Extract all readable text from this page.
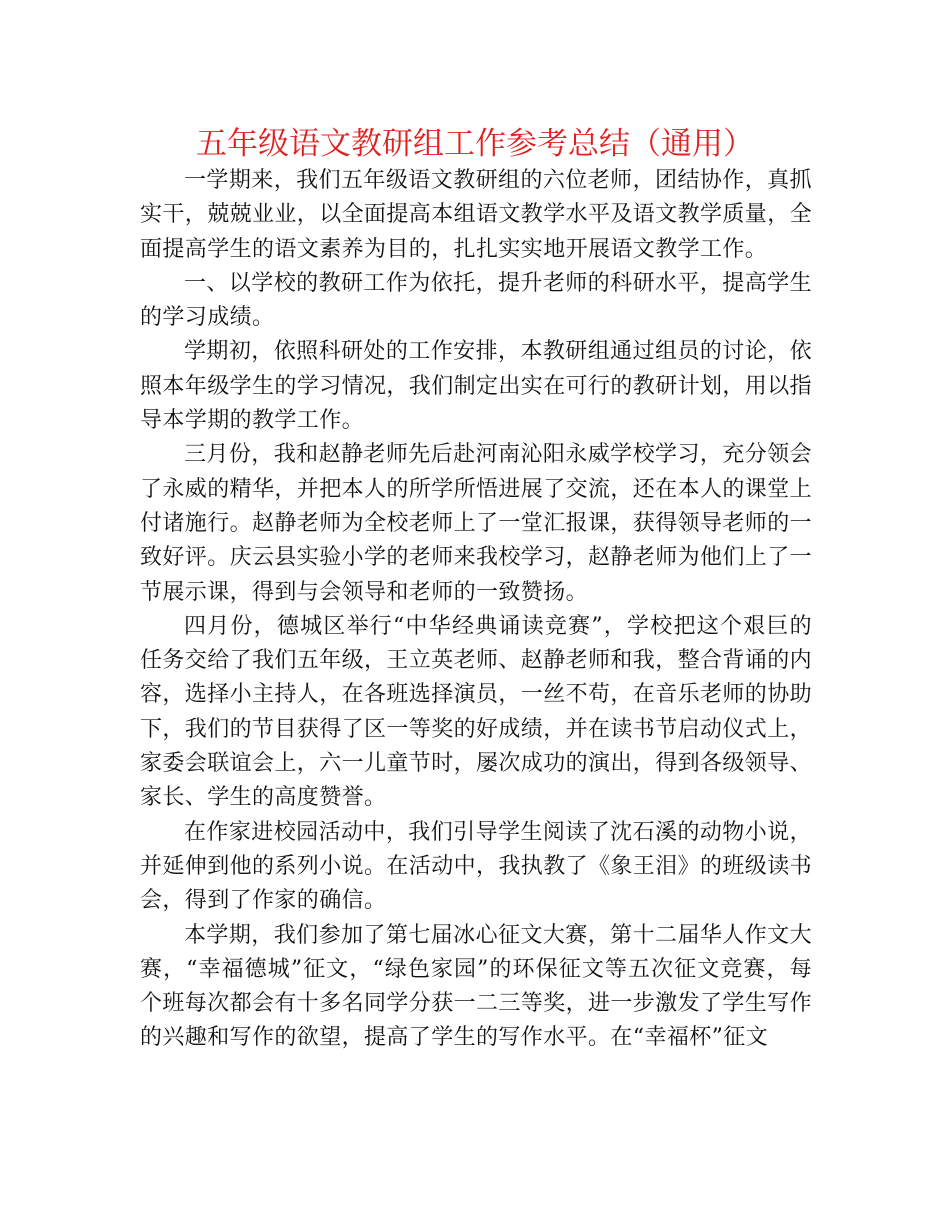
五年级语文教研组工作参考总结（通用）

一学期来，我们五年级语文教研组的六位老师，团结协作，真抓实干，兢兢业业，以全面提高本组语文教学水平及语文教学质量，全面提高学生的语文素养为目的，扎扎实实地开展语文教学工作。

一、以学校的教研工作为依托，提升老师的科研水平，提高学生的学习成绩。

学期初，依照科研处的工作安排，本教研组通过组员的讨论，依照本年级学生的学习情况，我们制定出实在可行的教研计划，用以指导本学期的教学工作。

三月份，我和赵静老师先后赴河南沁阳永威学校学习，充分领会了永威的精华，并把本人的所学所悟进展了交流，还在本人的课堂上付诸施行。赵静老师为全校老师上了一堂汇报课，获得领导老师的一致好评。庆云县实验小学的老师来我校学习，赵静老师为他们上了一节展示课，得到与会领导和老师的一致赞扬。

四月份，德城区举行“中华经典诵读竞赛”，学校把这个艰巨的任务交给了我们五年级，王立英老师、赵静老师和我，整合背诵的内容，选择小主持人，在各班选择演员，一丝不苟，在音乐老师的协助下，我们的节目获得了区一等奖的好成绩，并在读书节启动仪式上，家委会联谊会上，六一儿童节时，屡次成功的演出，得到各级领导、家长、学生的高度赞誉。

在作家进校园活动中，我们引导学生阅读了沈石溪的动物小说，并延伸到他的系列小说。在活动中，我执教了《象王泪》的班级读书会，得到了作家的确信。

本学期，我们参加了第七届冰心征文大赛，第十二届华人作文大赛，“幸福德城”征文，“绿色家园”的环保征文等五次征文竞赛，每个班每次都会有十多名同学分获一二三等奖，进一步激发了学生写作的兴趣和写作的欲望，提高了学生的写作水平。在“幸福杯”征文
